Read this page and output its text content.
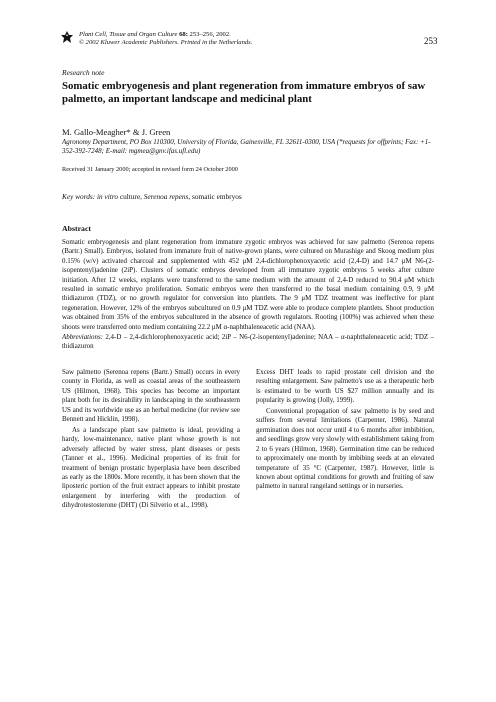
Plant Cell, Tissue and Organ Culture 68: 253–256, 2002.
© 2002 Kluwer Academic Publishers. Printed in the Netherlands.	253
Research note
Somatic embryogenesis and plant regeneration from immature embryos of saw palmetto, an important landscape and medicinal plant
M. Gallo-Meagher* & J. Green
Agronomy Department, PO Box 110300, University of Florida, Gainesville, FL 32611-0300, USA (*requests for offprints; Fax: +1-352-392-7248; E-mail: mgmea@gnv.ifas.ufl.edu)
Received 31 January 2000; accepted in revised form 24 October 2000
Key words: in vitro culture, Serenoa repens, somatic embryos
Abstract
Somatic embryogenesis and plant regeneration from immature zygotic embryos was achieved for saw palmetto (Serenoa repens (Bartr.) Small). Embryos, isolated from immature fruit of native-grown plants, were cultured on Murashige and Skoog medium plus 0.15% (w/v) activated charcoal and supplemented with 452 μM 2,4-dichlorophenoxyacetic acid (2,4-D) and 14.7 μM N6-(2-isopentenyl)adenine (2iP). Clusters of somatic embryos developed from all immature zygotic embryos 5 weeks after culture initiation. After 12 weeks, explants were transferred to the same medium with the amount of 2,4-D reduced to 90.4 μM which resulted in somatic embryo proliferation. Somatic embryos were then transferred to the basal medium containing 0.9, 9 μM thidiazuron (TDZ), or no growth regulator for conversion into plantlets. The 9 μM TDZ treatment was ineffective for plant regeneration. However, 12% of the embryos subcultured on 0.9 μM TDZ were able to produce complete plantlets. Shoot production was obtained from 35% of the embryos subcultured in the absence of growth regulators. Rooting (100%) was achieved when these shoots were transferred onto medium containing 22.2 μM α-naphthaleneacetic acid (NAA).
Abbreviations: 2,4-D – 2,4-dichlorophenoxyacetic acid; 2iP – N6-(2-isopentenyl)adenine; NAA – α-naphthaleneacetic acid; TDZ – thidiazuron

Saw palmetto (Serenoa repens (Bartr.) Small) occurs in every county in Florida, as well as coastal areas of the southeastern US (Hilmon, 1968). This species has become an important plant both for its desirability in landscaping in the southeastern US and its worldwide use as an herbal medicine (for review see Bennett and Hicklin, 1998).

As a landscape plant saw palmetto is ideal, providing a hardy, low-maintenance, native plant whose growth is not adversely affected by water stress, plant diseases or pests (Tanner et al., 1996). Medicinal properties of its fruit for treatment of benign prostatic hyperplasia have been described as early as the 1800s. More recently, it has been shown that the liposteric portion of the fruit extract appears to inhibit prostate enlargement by interfering with the production of dihydrotestosterone (DHT) (Di Silverio et al., 1998).

Excess DHT leads to rapid prostate cell division and the resulting enlargement. Saw palmetto's use as a therapeutic herb is estimated to be worth US $27 million annually and its popularity is growing (Jolly, 1999).

Conventional propagation of saw palmetto is by seed and suffers from several limitations (Carpenter, 1986). Natural germination does not occur until 4 to 6 months after imbibition, and seedlings grow very slowly with establishment taking from 2 to 6 years (Hilmon, 1968). Germination time can be reduced to approximately one month by imbibing seeds at an elevated temperature of 35 °C (Carpenter, 1987). However, little is known about optimal conditions for growth and fruiting of saw palmetto in natural rangeland settings or in nurseries.
